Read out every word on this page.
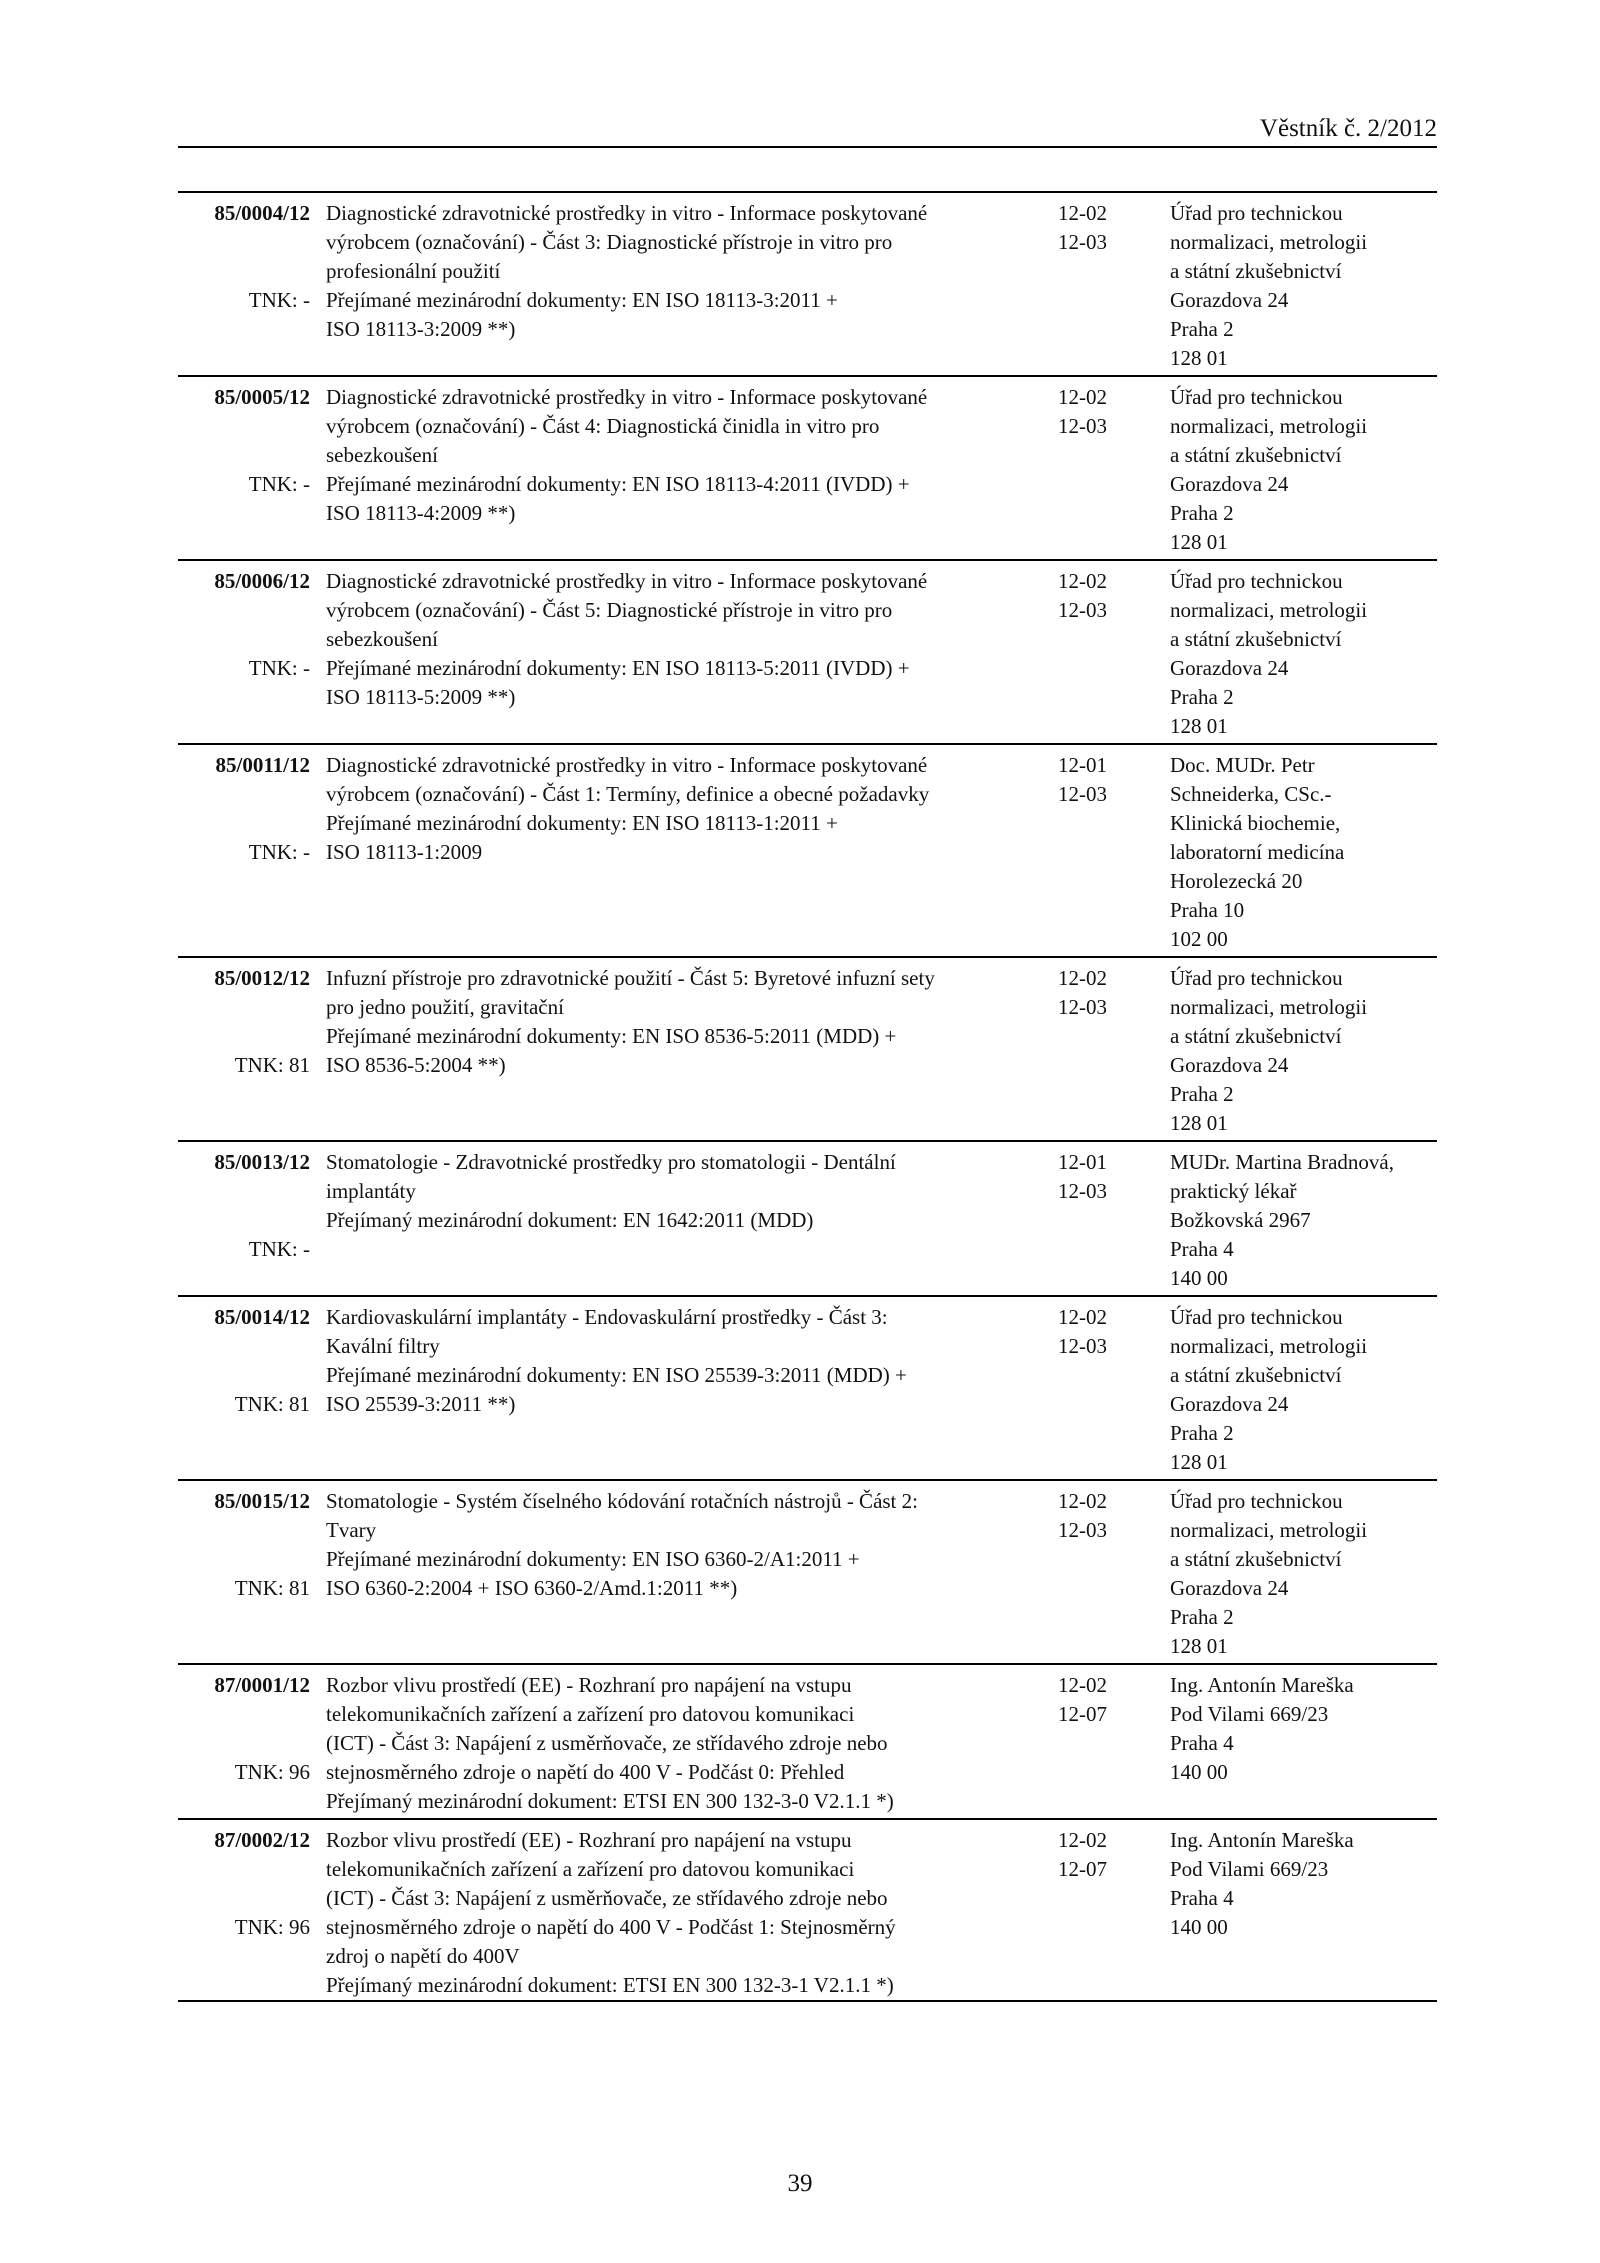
Věstník č. 2/2012
85/0004/12
TNK: -
Diagnostické zdravotnické prostředky in vitro - Informace poskytované
výrobcem (označování) - Část 3: Diagnostické přístroje in vitro pro
profesionální použití
Přejímané mezinárodní dokumenty: EN ISO 18113-3:2011 +
ISO 18113-3:2009 **)
12-02
12-03
Úřad pro technickou
normalizaci, metrologii
a státní zkušebnictví
Gorazdova 24
Praha 2
128 01
85/0005/12
TNK: -
Diagnostické zdravotnické prostředky in vitro - Informace poskytované
výrobcem (označování) - Část 4: Diagnostická činidla in vitro pro
sebezkoušení
Přejímané mezinárodní dokumenty: EN ISO 18113-4:2011 (IVDD) +
ISO 18113-4:2009 **)
12-02
12-03
Úřad pro technickou
normalizaci, metrologii
a státní zkušebnictví
Gorazdova 24
Praha 2
128 01
85/0006/12
TNK: -
Diagnostické zdravotnické prostředky in vitro - Informace poskytované
výrobcem (označování) - Část 5: Diagnostické přístroje in vitro pro
sebezkoušení
Přejímané mezinárodní dokumenty: EN ISO 18113-5:2011 (IVDD) +
ISO 18113-5:2009 **)
12-02
12-03
Úřad pro technickou
normalizaci, metrologii
a státní zkušebnictví
Gorazdova 24
Praha 2
128 01
85/0011/12
TNK: -
Diagnostické zdravotnické prostředky in vitro - Informace poskytované
výrobcem (označování) - Část 1: Termíny, definice a obecné požadavky
Přejímané mezinárodní dokumenty: EN ISO 18113-1:2011 +
ISO 18113-1:2009
12-01
12-03
Doc. MUDr. Petr
Schneiderka, CSc.-
Klinická biochemie,
laboratorní medicína
Horolezecká 20
Praha 10
102 00
85/0012/12
TNK: 81
Infuzní přístroje pro zdravotnické použití - Část 5: Byretové infuzní sety
pro jedno použití, gravitační
Přejímané mezinárodní dokumenty: EN ISO 8536-5:2011 (MDD) +
ISO 8536-5:2004 **)
12-02
12-03
Úřad pro technickou
normalizaci, metrologii
a státní zkušebnictví
Gorazdova 24
Praha 2
128 01
85/0013/12
TNK: -
Stomatologie - Zdravotnické prostředky pro stomatologii - Dentální
implantáty
Přejímaný mezinárodní dokument: EN 1642:2011 (MDD)
12-01
12-03
MUDr. Martina Bradnová,
praktický lékař
Božkovská 2967
Praha 4
140 00
85/0014/12
TNK: 81
Kardiovaskulární implantáty - Endovaskulární prostředky - Část 3:
Kavální filtry
Přejímané mezinárodní dokumenty: EN ISO 25539-3:2011 (MDD) +
ISO 25539-3:2011 **)
12-02
12-03
Úřad pro technickou
normalizaci, metrologii
a státní zkušebnictví
Gorazdova 24
Praha 2
128 01
85/0015/12
TNK: 81
Stomatologie - Systém číselného kódování rotačních nástrojů - Část 2:
Tvary
Přejímané mezinárodní dokumenty: EN ISO 6360-2/A1:2011 +
ISO 6360-2:2004 + ISO 6360-2/Amd.1:2011 **)
12-02
12-03
Úřad pro technickou
normalizaci, metrologii
a státní zkušebnictví
Gorazdova 24
Praha 2
128 01
87/0001/12
TNK: 96
Rozbor vlivu prostředí (EE) - Rozhraní pro napájení na vstupu
telekomunikačních zařízení a zařízení pro datovou komunikaci
(ICT) - Část 3: Napájení z usměrňovače, ze střídavého zdroje nebo
stejnosměrného zdroje o napětí do 400 V - Podčást 0: Přehled
Přejímaný mezinárodní dokument: ETSI EN 300 132-3-0 V2.1.1 *)
12-02
12-07
Ing. Antonín Mareška
Pod Vilami 669/23
Praha 4
140 00
87/0002/12
TNK: 96
Rozbor vlivu prostředí (EE) - Rozhraní pro napájení na vstupu
telekomunikačních zařízení a zařízení pro datovou komunikaci
(ICT) - Část 3: Napájení z usměrňovače, ze střídavého zdroje nebo
stejnosměrného zdroje o napětí do 400 V - Podčást 1: Stejnosměrný
zdroj o napětí do 400V
Přejímaný mezinárodní dokument: ETSI EN 300 132-3-1 V2.1.1 *)
12-02
12-07
Ing. Antonín Mareška
Pod Vilami 669/23
Praha 4
140 00
39
